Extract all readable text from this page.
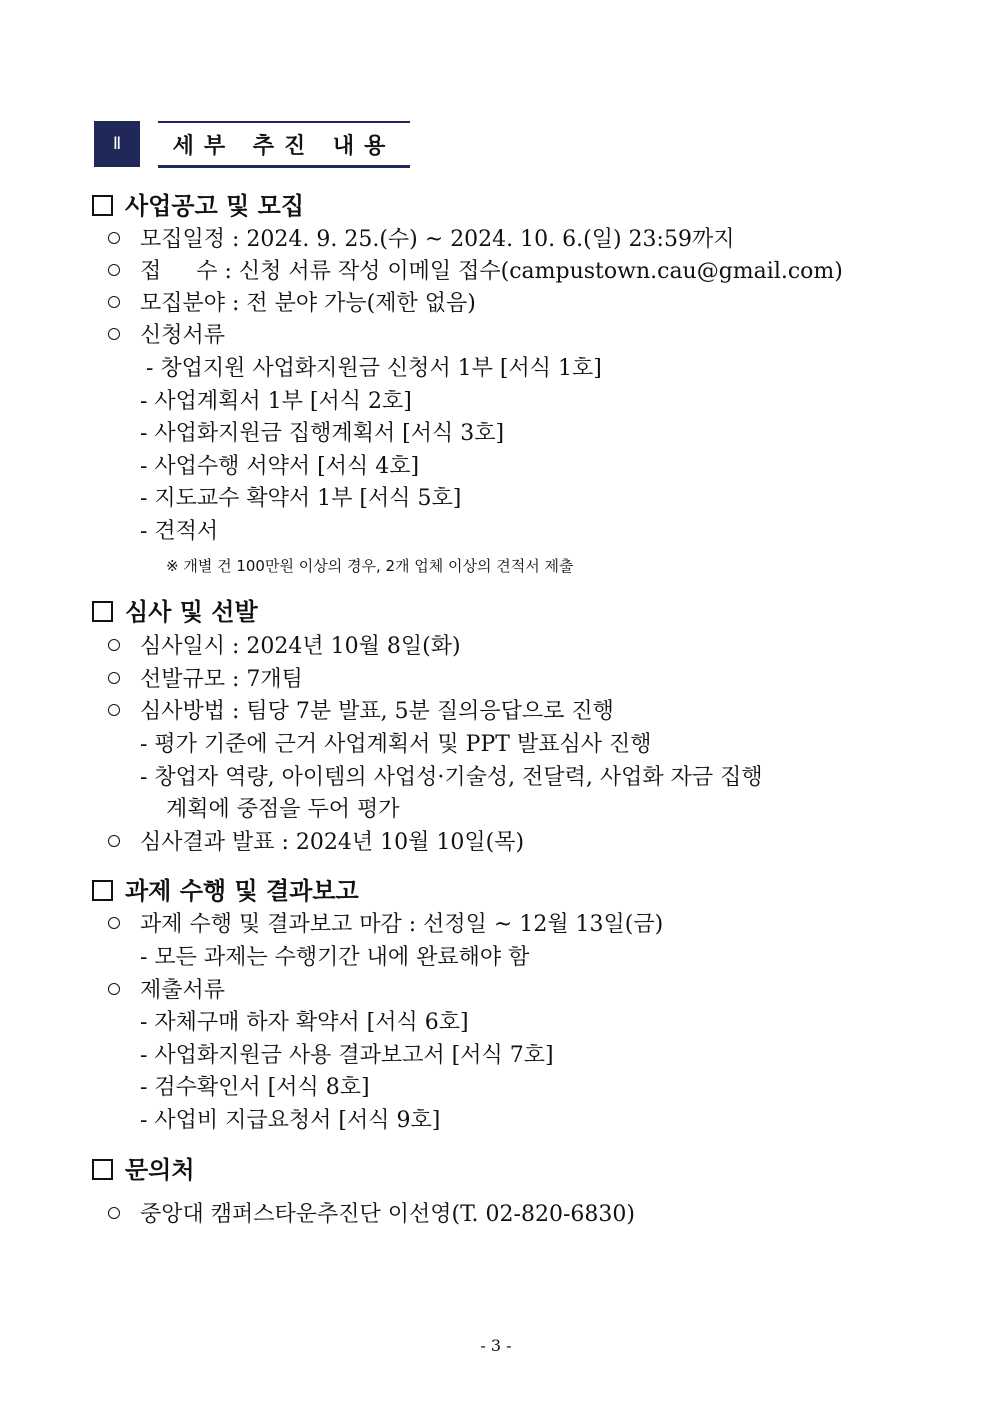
Ⅱ	세부 추진 내용
사업공고 및 모집
모집일정 : 2024. 9. 25.(수) ~ 2024. 10. 6.(일) 23:59까지
접     수 : 신청 서류 작성 이메일 접수(campustown.cau@gmail.com)
모집분야 : 전 분야 가능(제한 없음)
신청서류
- 창업지원 사업화지원금 신청서 1부 [서식 1호]
- 사업계획서 1부 [서식 2호]
- 사업화지원금 집행계획서 [서식 3호]
- 사업수행 서약서 [서식 4호]
- 지도교수 확약서 1부 [서식 5호]
- 견적서
※ 개별 건 100만원 이상의 경우, 2개 업체 이상의 견적서 제출
심사 및 선발
심사일시 : 2024년 10월 8일(화)
선발규모 : 7개팀
심사방법 : 팀당 7분 발표, 5분 질의응답으로 진행
- 평가 기준에 근거 사업계획서 및 PPT 발표심사 진행
- 창업자 역량, 아이템의 사업성·기술성, 전달력, 사업화 자금 집행
계획에 중점을 두어 평가
심사결과 발표 : 2024년 10월 10일(목)
과제 수행 및 결과보고
과제 수행 및 결과보고 마감 : 선정일 ~ 12월 13일(금)
- 모든 과제는 수행기간 내에 완료해야 함
제출서류
- 자체구매 하자 확약서 [서식 6호]
- 사업화지원금 사용 결과보고서 [서식 7호]
- 검수확인서 [서식 8호]
- 사업비 지급요청서 [서식 9호]
문의처
중앙대 캠퍼스타운추진단 이선영(T. 02-820-6830)
- 3 -
